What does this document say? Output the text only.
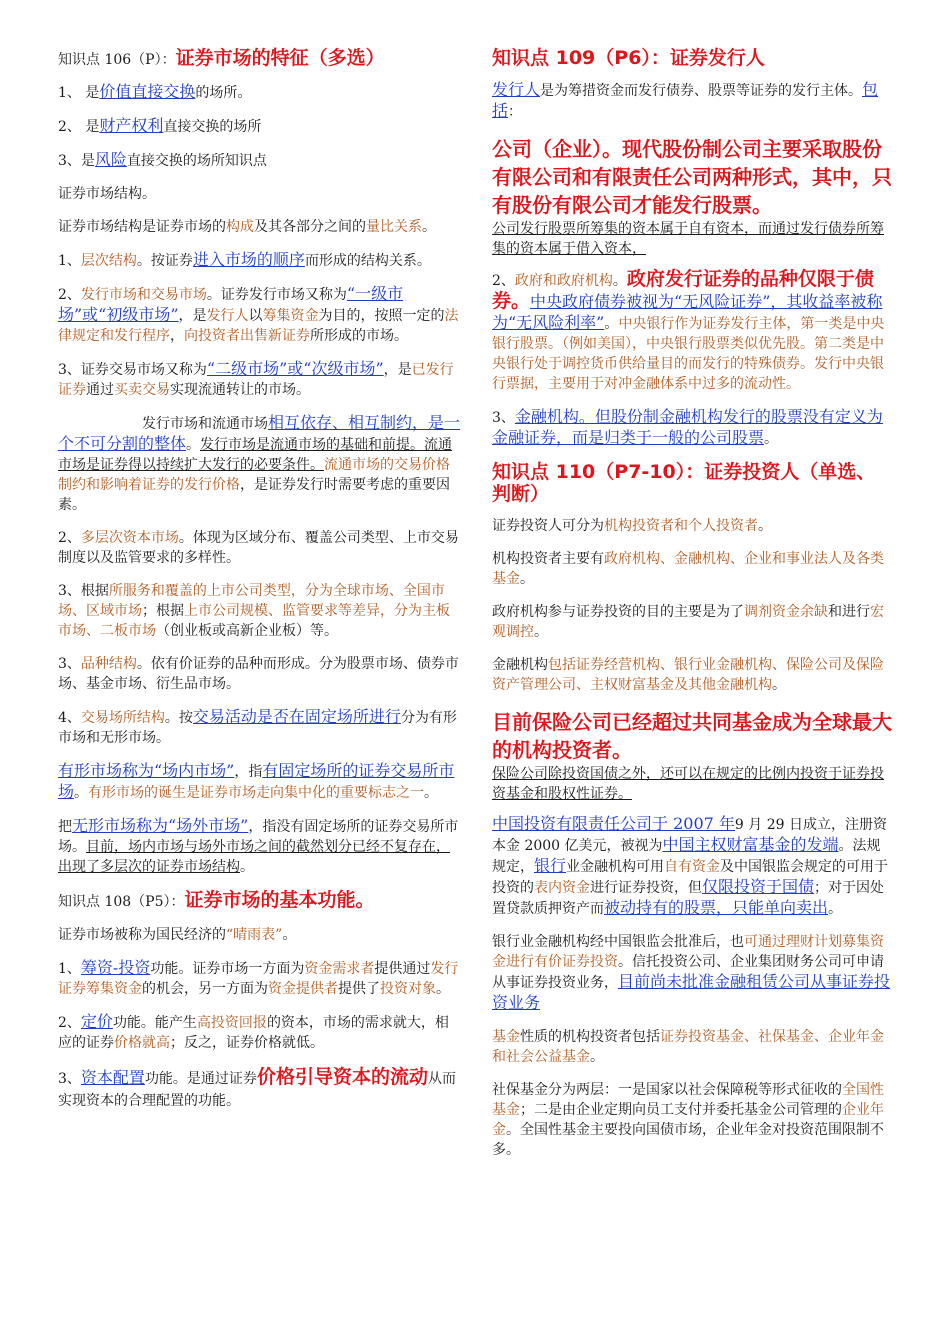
知识点 106（P）：证券市场的特征（多选）

1、 是价值直接交换的场所。

2、 是财产权利直接交换的场所

3、是风险直接交换的场所知识点

证券市场结构。

证券市场结构是证券市场的构成及其各部分之间的量比关系。

1、层次结构。按证券进入市场的顺序而形成的结构关系。

2、发行市场和交易市场。证券发行市场又称为“一级市场”或“初级市场”，是发行人以筹集资金为目的，按照一定的法律规定和发行程序，向投资者出售新证券所形成的市场。

3、证券交易市场又称为“二级市场”或“次级市场”，是已发行证券通过买卖交易实现流通转让的市场。

发行市场和流通市场相互依存、相互制约，是一个不可分割的整体。发行市场是流通市场的基础和前提。流通市场是证券得以持续扩大发行的必要条件。流通市场的交易价格制约和影响着证券的发行价格，是证券发行时需要考虑的重要因素。

2、多层次资本市场。体现为区域分布、覆盖公司类型、上市交易制度以及监管要求的多样性。

3、根据所服务和覆盖的上市公司类型，分为全球市场、全国市场、区域市场；根据上市公司规模、监管要求等差异，分为主板市场、二板市场（创业板或高新企业板）等。

3、品种结构。依有价证券的品种而形成。分为股票市场、债券市场、基金市场、衍生品市场。

4、交易场所结构。按交易活动是否在固定场所进行分为有形市场和无形市场。

有形市场称为“场内市场”，指有固定场所的证券交易所市场。有形市场的诞生是证券市场走向集中化的重要标志之一。

把无形市场称为“场外市场”，指没有固定场所的证券交易所市场。目前，场内市场与场外市场之间的截然划分已经不复存在，出现了多层次的证券市场结构。

知识点 108（P5）：证券市场的基本功能。

证券市场被称为国民经济的“晴雨表”。

1、筹资-投资功能。证券市场一方面为资金需求者提供通过发行证券筹集资金的机会，另一方面为资金提供者提供了投资对象。

2、定价功能。能产生高投资回报的资本，市场的需求就大，相应的证券价格就高；反之，证券价格就低。

3、资本配置功能。是通过证券价格引导资本的流动从而实现资本的合理配置的功能。

知识点 109（P6）：证券发行人

发行人是为筹措资金而发行债券、股票等证券的发行主体。包括：

公司（企业）。现代股份制公司主要采取股份有限公司和有限责任公司两种形式，其中，只有股份有限公司才能发行股票。
公司发行股票所筹集的资本属于自有资本，而通过发行债券所筹集的资本属于借入资本，

2、政府和政府机构。政府发行证券的品种仅限于债券。中央政府债券被视为“无风险证券”，其收益率被称为“无风险利率”。中央银行作为证券发行主体，第一类是中央银行股票。（例如美国），中央银行股票类似优先股。第二类是中央银行处于调控货币供给量目的而发行的特殊债券。发行中央银行票据，主要用于对冲金融体系中过多的流动性。

3、金融机构。但股份制金融机构发行的股票没有定义为金融证券，而是归类于一般的公司股票。

知识点 110（P7-10）：证券投资人（单选、判断）

证券投资人可分为机构投资者和个人投资者。

机构投资者主要有政府机构、金融机构、企业和事业法人及各类基金。

政府机构参与证券投资的目的主要是为了调剂资金余缺和进行宏观调控。

金融机构包括证券经营机构、银行业金融机构、保险公司及保险资产管理公司、主权财富基金及其他金融机构。

目前保险公司已经超过共同基金成为全球最大的机构投资者。
保险公司除投资国债之外，还可以在规定的比例内投资于证券投资基金和股权性证券。

中国投资有限责任公司于 2007 年9 月 29 日成立，注册资本金 2000 亿美元，被视为中国主权财富基金的发端。法规规定，银行业金融机构可用自有资金及中国银监会规定的可用于投资的表内资金进行证券投资，但仅限投资于国债；对于因处置贷款质押资产而被动持有的股票，只能单向卖出。

银行业金融机构经中国银监会批准后，也可通过理财计划募集资金进行有价证券投资。信托投资公司、企业集团财务公司可申请从事证券投资业务，目前尚未批准金融租赁公司从事证券投资业务

基金性质的机构投资者包括证券投资基金、社保基金、企业年金和社会公益基金。

社保基金分为两层：一是国家以社会保障税等形式征收的全国性基金；二是由企业定期向员工支付并委托基金公司管理的企业年金。全国性基金主要投向国债市场，企业年金对投资范围限制不多。
